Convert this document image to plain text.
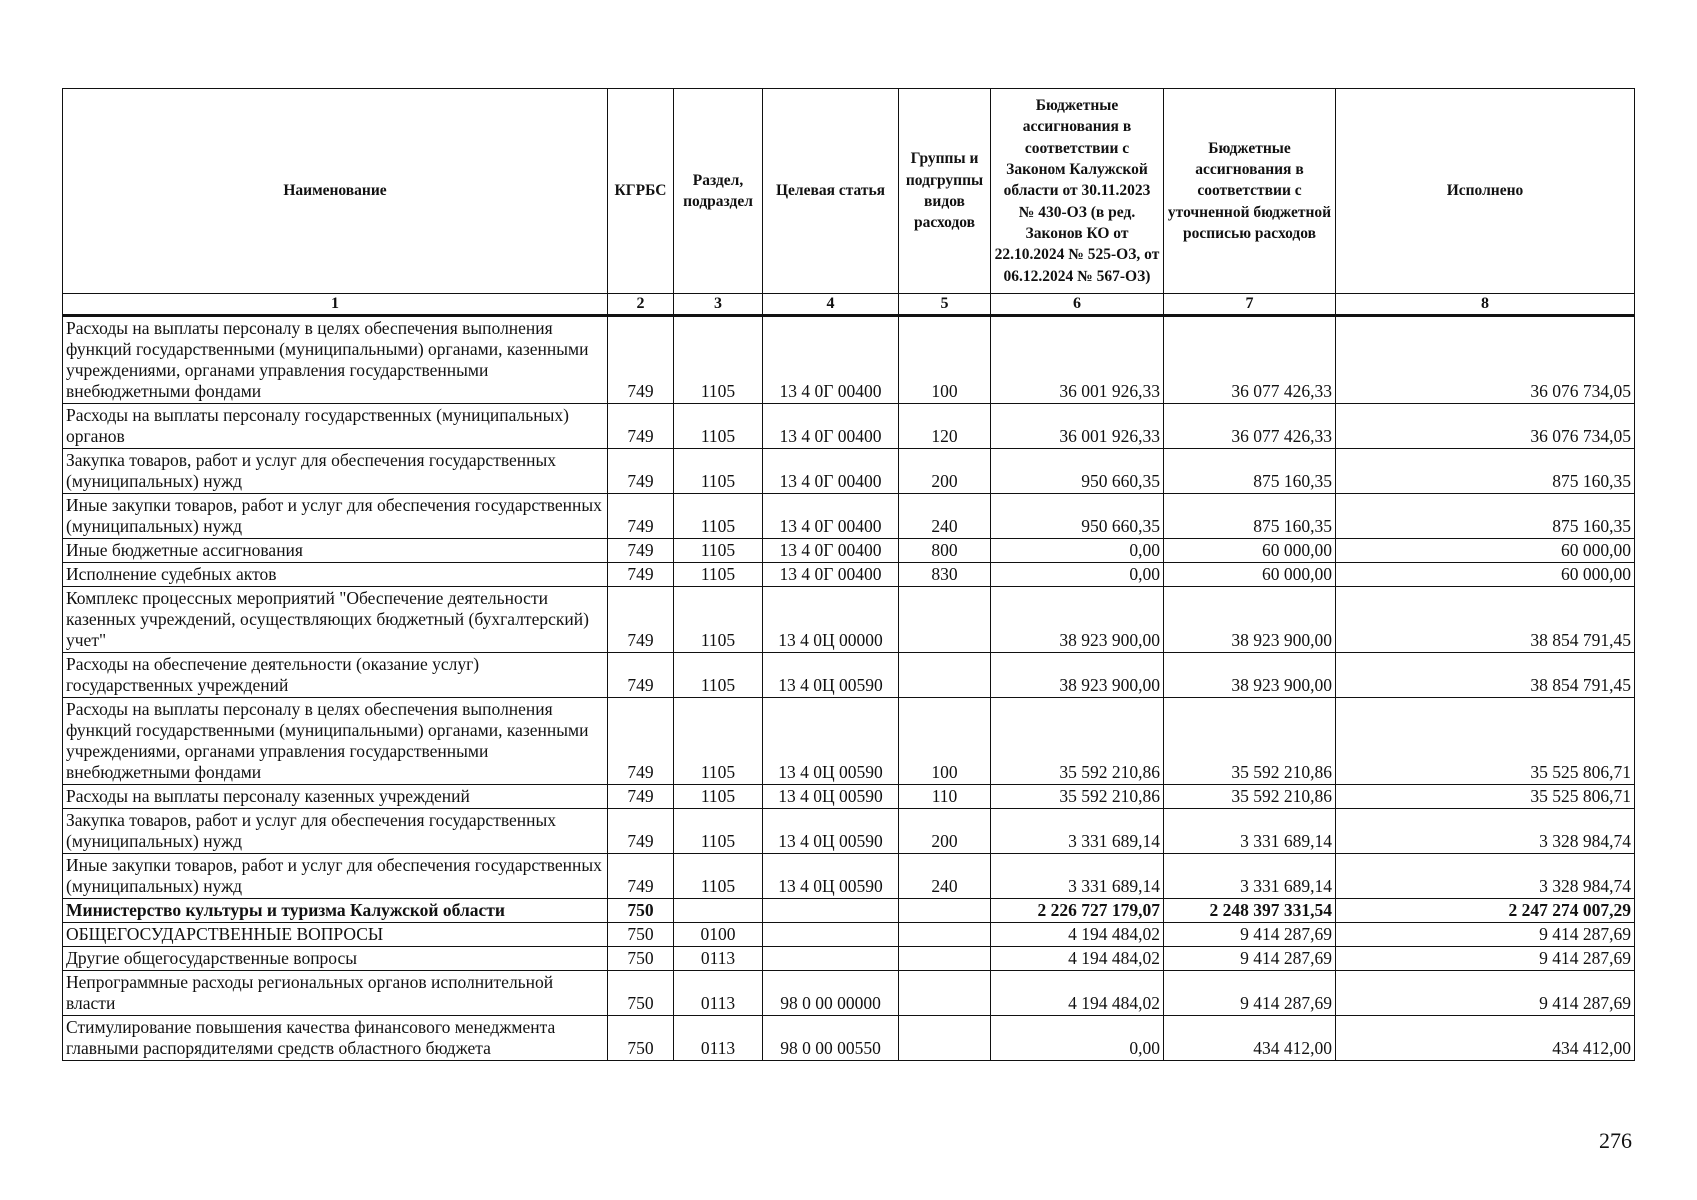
Наименование	КГРБС	Раздел, подраздел	Целевая статья	Группы и подгруппы видов расходов	Бюджетные ассигнования в соответствии с Законом Калужской области от 30.11.2023 № 430-ОЗ (в ред. Законов КО от 22.10.2024 № 525-ОЗ, от 06.12.2024 № 567-ОЗ)	Бюджетные ассигнования в соответствии с уточненной бюджетной росписью расходов	Исполнено
1	2	3	4	5	6	7	8
Расходы на выплаты персоналу в целях обеспечения выполнения функций государственными (муниципальными) органами, казенными учреждениями, органами управления государственными внебюджетными фондами	749	1105	13 4 0Г 00400	100	36 001 926,33	36 077 426,33	36 076 734,05
Расходы на выплаты персоналу государственных (муниципальных) органов	749	1105	13 4 0Г 00400	120	36 001 926,33	36 077 426,33	36 076 734,05
Закупка товаров, работ и услуг для обеспечения государственных (муниципальных) нужд	749	1105	13 4 0Г 00400	200	950 660,35	875 160,35	875 160,35
Иные закупки товаров, работ и услуг для обеспечения государственных (муниципальных) нужд	749	1105	13 4 0Г 00400	240	950 660,35	875 160,35	875 160,35
Иные бюджетные ассигнования	749	1105	13 4 0Г 00400	800	0,00	60 000,00	60 000,00
Исполнение судебных актов	749	1105	13 4 0Г 00400	830	0,00	60 000,00	60 000,00
Комплекс процессных мероприятий "Обеспечение деятельности казенных учреждений, осуществляющих бюджетный (бухгалтерский) учет"	749	1105	13 4 0Ц 00000		38 923 900,00	38 923 900,00	38 854 791,45
Расходы на обеспечение деятельности (оказание услуг) государственных учреждений	749	1105	13 4 0Ц 00590		38 923 900,00	38 923 900,00	38 854 791,45
Расходы на выплаты персоналу в целях обеспечения выполнения функций государственными (муниципальными) органами, казенными учреждениями, органами управления государственными внебюджетными фондами	749	1105	13 4 0Ц 00590	100	35 592 210,86	35 592 210,86	35 525 806,71
Расходы на выплаты персоналу казенных учреждений	749	1105	13 4 0Ц 00590	110	35 592 210,86	35 592 210,86	35 525 806,71
Закупка товаров, работ и услуг для обеспечения государственных (муниципальных) нужд	749	1105	13 4 0Ц 00590	200	3 331 689,14	3 331 689,14	3 328 984,74
Иные закупки товаров, работ и услуг для обеспечения государственных (муниципальных) нужд	749	1105	13 4 0Ц 00590	240	3 331 689,14	3 331 689,14	3 328 984,74
Министерство культуры и туризма Калужской области	750				2 226 727 179,07	2 248 397 331,54	2 247 274 007,29
ОБЩЕГОСУДАРСТВЕННЫЕ ВОПРОСЫ	750	0100			4 194 484,02	9 414 287,69	9 414 287,69
Другие общегосударственные вопросы	750	0113			4 194 484,02	9 414 287,69	9 414 287,69
Непрограммные расходы региональных органов исполнительной власти	750	0113	98 0 00 00000		4 194 484,02	9 414 287,69	9 414 287,69
Стимулирование повышения качества финансового менеджмента главными распорядителями средств областного бюджета	750	0113	98 0 00 00550		0,00	434 412,00	434 412,00
276
